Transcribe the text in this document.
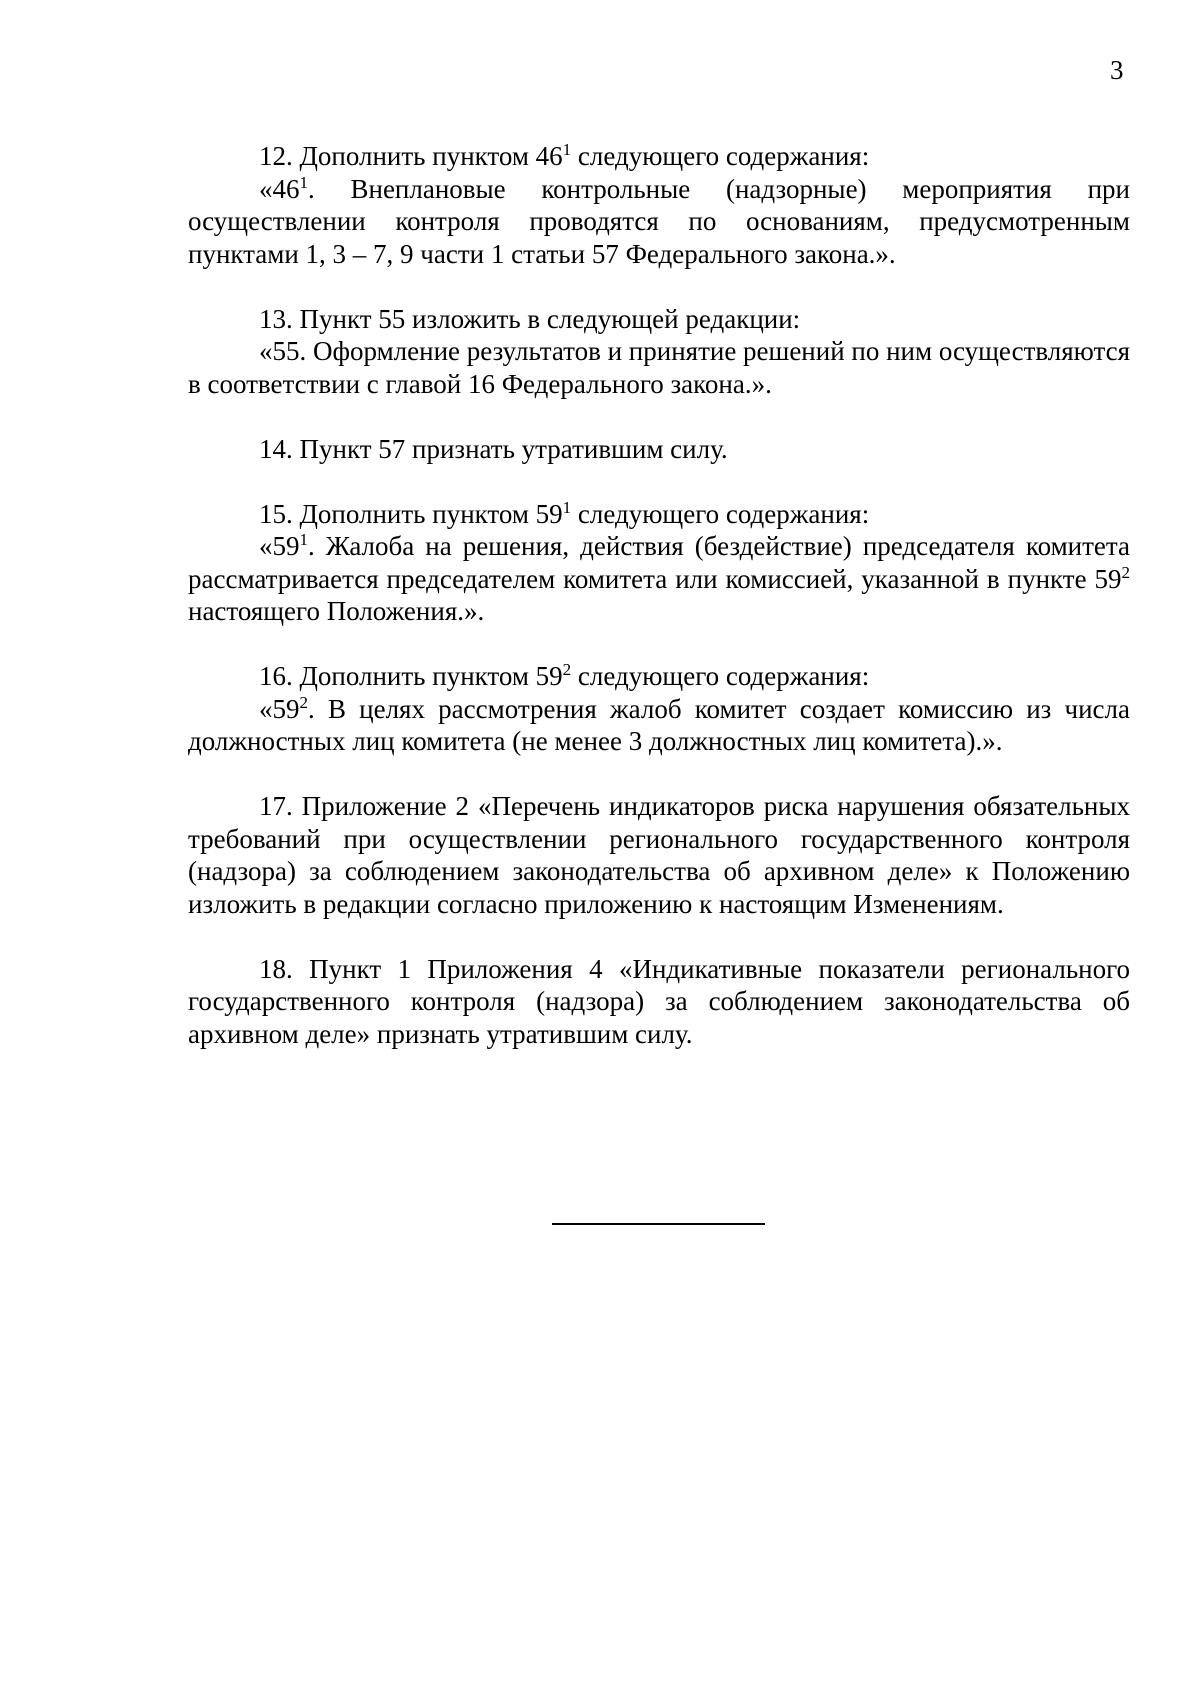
3

12. Дополнить пунктом $46^1$ следующего содержания:

«$46^1$. Внеплановые контрольные (надзорные) мероприятия при осуществлении контроля проводятся по основаниям, предусмотренным пунктами 1, 3 – 7, 9 части 1 статьи 57 Федерального закона.».

13. Пункт 55 изложить в следующей редакции:

«55. Оформление результатов и принятие решений по ним осуществляются в соответствии с главой 16 Федерального закона.».

14. Пункт 57 признать утратившим силу.

15. Дополнить пунктом $59^1$ следующего содержания:

«$59^1$. Жалоба на решения, действия (бездействие) председателя комитета рассматривается председателем комитета или комиссией, указанной в пункте $59^2$ настоящего Положения.».

16. Дополнить пунктом $59^2$ следующего содержания:

«$59^2$. В целях рассмотрения жалоб комитет создает комиссию из числа должностных лиц комитета (не менее 3 должностных лиц комитета).».

17. Приложение 2 «Перечень индикаторов риска нарушения обязательных требований при осуществлении регионального государственного контроля (надзора) за соблюдением законодательства об архивном деле» к Положению изложить в редакции согласно приложению к настоящим Изменениям.

18. Пункт 1 Приложения 4 «Индикативные показатели регионального государственного контроля (надзора) за соблюдением законодательства об архивном деле» признать утратившим силу.
